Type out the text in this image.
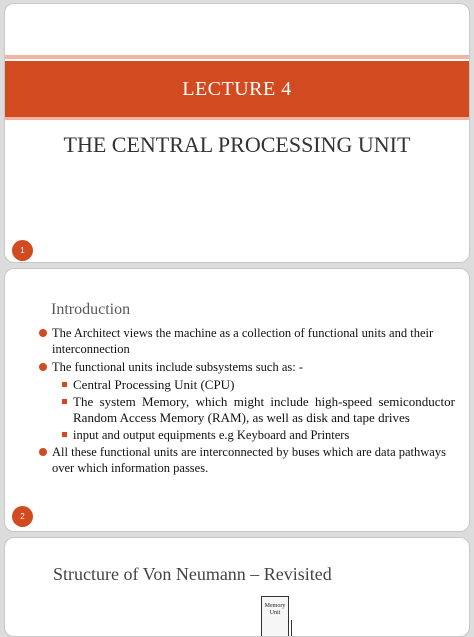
LECTURE 4
THE CENTRAL PROCESSING UNIT
1
Introduction
The Architect views the machine as a collection of functional units and their interconnection
The functional units include subsystems such as: -
Central Processing Unit (CPU)
The system Memory, which might include high-speed semiconductor Random Access Memory (RAM), as well as disk and tape drives
input and output equipments e.g Keyboard and Printers
All these functional units are interconnected by buses which are data pathways over which information passes.
2
Structure of Von Neumann – Revisited
Memory Unit
